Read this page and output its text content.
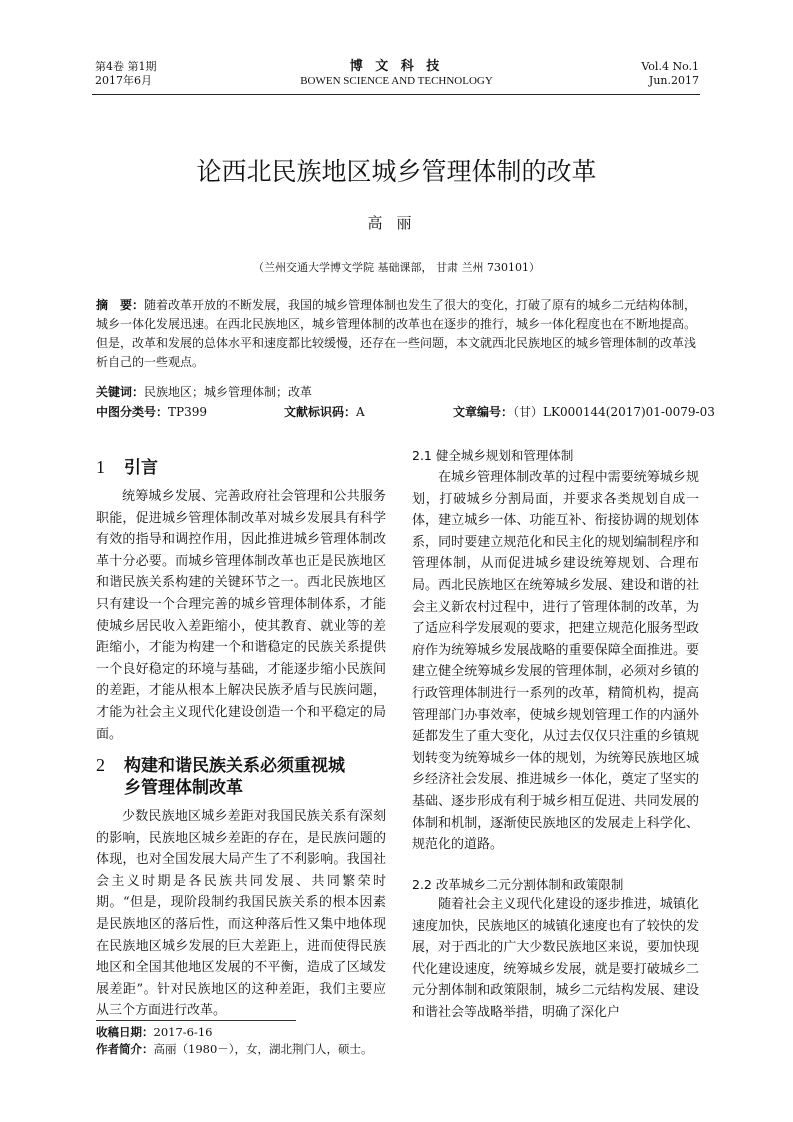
第4卷 第1期
2017年6月
博 文 科 技
BOWEN SCIENCE AND TECHNOLOGY
Vol.4 No.1
Jun.2017
论西北民族地区城乡管理体制的改革
高丽
（兰州交通大学博文学院 基础课部， 甘肃 兰州 730101）
摘　要：随着改革开放的不断发展，我国的城乡管理体制也发生了很大的变化，打破了原有的城乡二元结构体制，城乡一体化发展迅速。在西北民族地区，城乡管理体制的改革也在逐步的推行，城乡一体化程度也在不断地提高。但是，改革和发展的总体水平和速度都比较缓慢，还存在一些问题，本文就西北民族地区的城乡管理体制的改革浅析自己的一些观点。
关键词：民族地区；城乡管理体制；改革
中图分类号：TP399	文献标识码：A	文章编号：（甘）LK000144(2017)01-0079-03
1 引言

统筹城乡发展、完善政府社会管理和公共服务职能，促进城乡管理体制改革对城乡发展具有科学有效的指导和调控作用，因此推进城乡管理体制改革十分必要。而城乡管理体制改革也正是民族地区和谐民族关系构建的关键环节之一。西北民族地区只有建设一个合理完善的城乡管理体制体系，才能使城乡居民收入差距缩小，使其教育、就业等的差距缩小，才能为构建一个和谐稳定的民族关系提供一个良好稳定的环境与基础，才能逐步缩小民族间的差距，才能从根本上解决民族矛盾与民族问题，才能为社会主义现代化建设创造一个和平稳定的局面。

2 构建和谐民族关系必须重视城
乡管理体制改革

少数民族地区城乡差距对我国民族关系有深刻的影响，民族地区城乡差距的存在，是民族问题的体现，也对全国发展大局产生了不利影响。我国社会主义时期是各民族共同发展、共同繁荣时期。“但是，现阶段制约我国民族关系的根本因素是民族地区的落后性，而这种落后性又集中地体现在民族地区城乡发展的巨大差距上，进而使得民族地区和全国其他地区发展的不平衡，造成了区域发展差距”。针对民族地区的这种差距，我们主要应从三个方面进行改革。

2.1 健全城乡规划和管理体制

在城乡管理体制改革的过程中需要统筹城乡规划，打破城乡分割局面，并要求各类规划自成一体，建立城乡一体、功能互补、衔接协调的规划体系，同时要建立规范化和民主化的规划编制程序和管理体制，从而促进城乡建设统筹规划、合理布局。西北民族地区在统筹城乡发展、建设和谐的社会主义新农村过程中，进行了管理体制的改革，为了适应科学发展观的要求，把建立规范化服务型政府作为统筹城乡发展战略的重要保障全面推进。要建立健全统筹城乡发展的管理体制，必须对乡镇的行政管理体制进行一系列的改革，精简机构，提高管理部门办事效率，使城乡规划管理工作的内涵外延都发生了重大变化，从过去仅仅只注重的乡镇规划转变为统筹城乡一体的规划，为统筹民族地区城乡经济社会发展、推进城乡一体化，奠定了坚实的基础、逐步形成有利于城乡相互促进、共同发展的体制和机制，逐渐使民族地区的发展走上科学化、规范化的道路。

2.2 改革城乡二元分割体制和政策限制

随着社会主义现代化建设的逐步推进，城镇化速度加快，民族地区的城镇化速度也有了较快的发展，对于西北的广大少数民族地区来说，要加快现代化建设速度，统筹城乡发展，就是要打破城乡二元分割体制和政策限制，城乡二元结构发展、建设和谐社会等战略举措，明确了深化户

收稿日期：2017-6-16
作者简介：高丽（1980－），女，湖北荆门人，硕士。
